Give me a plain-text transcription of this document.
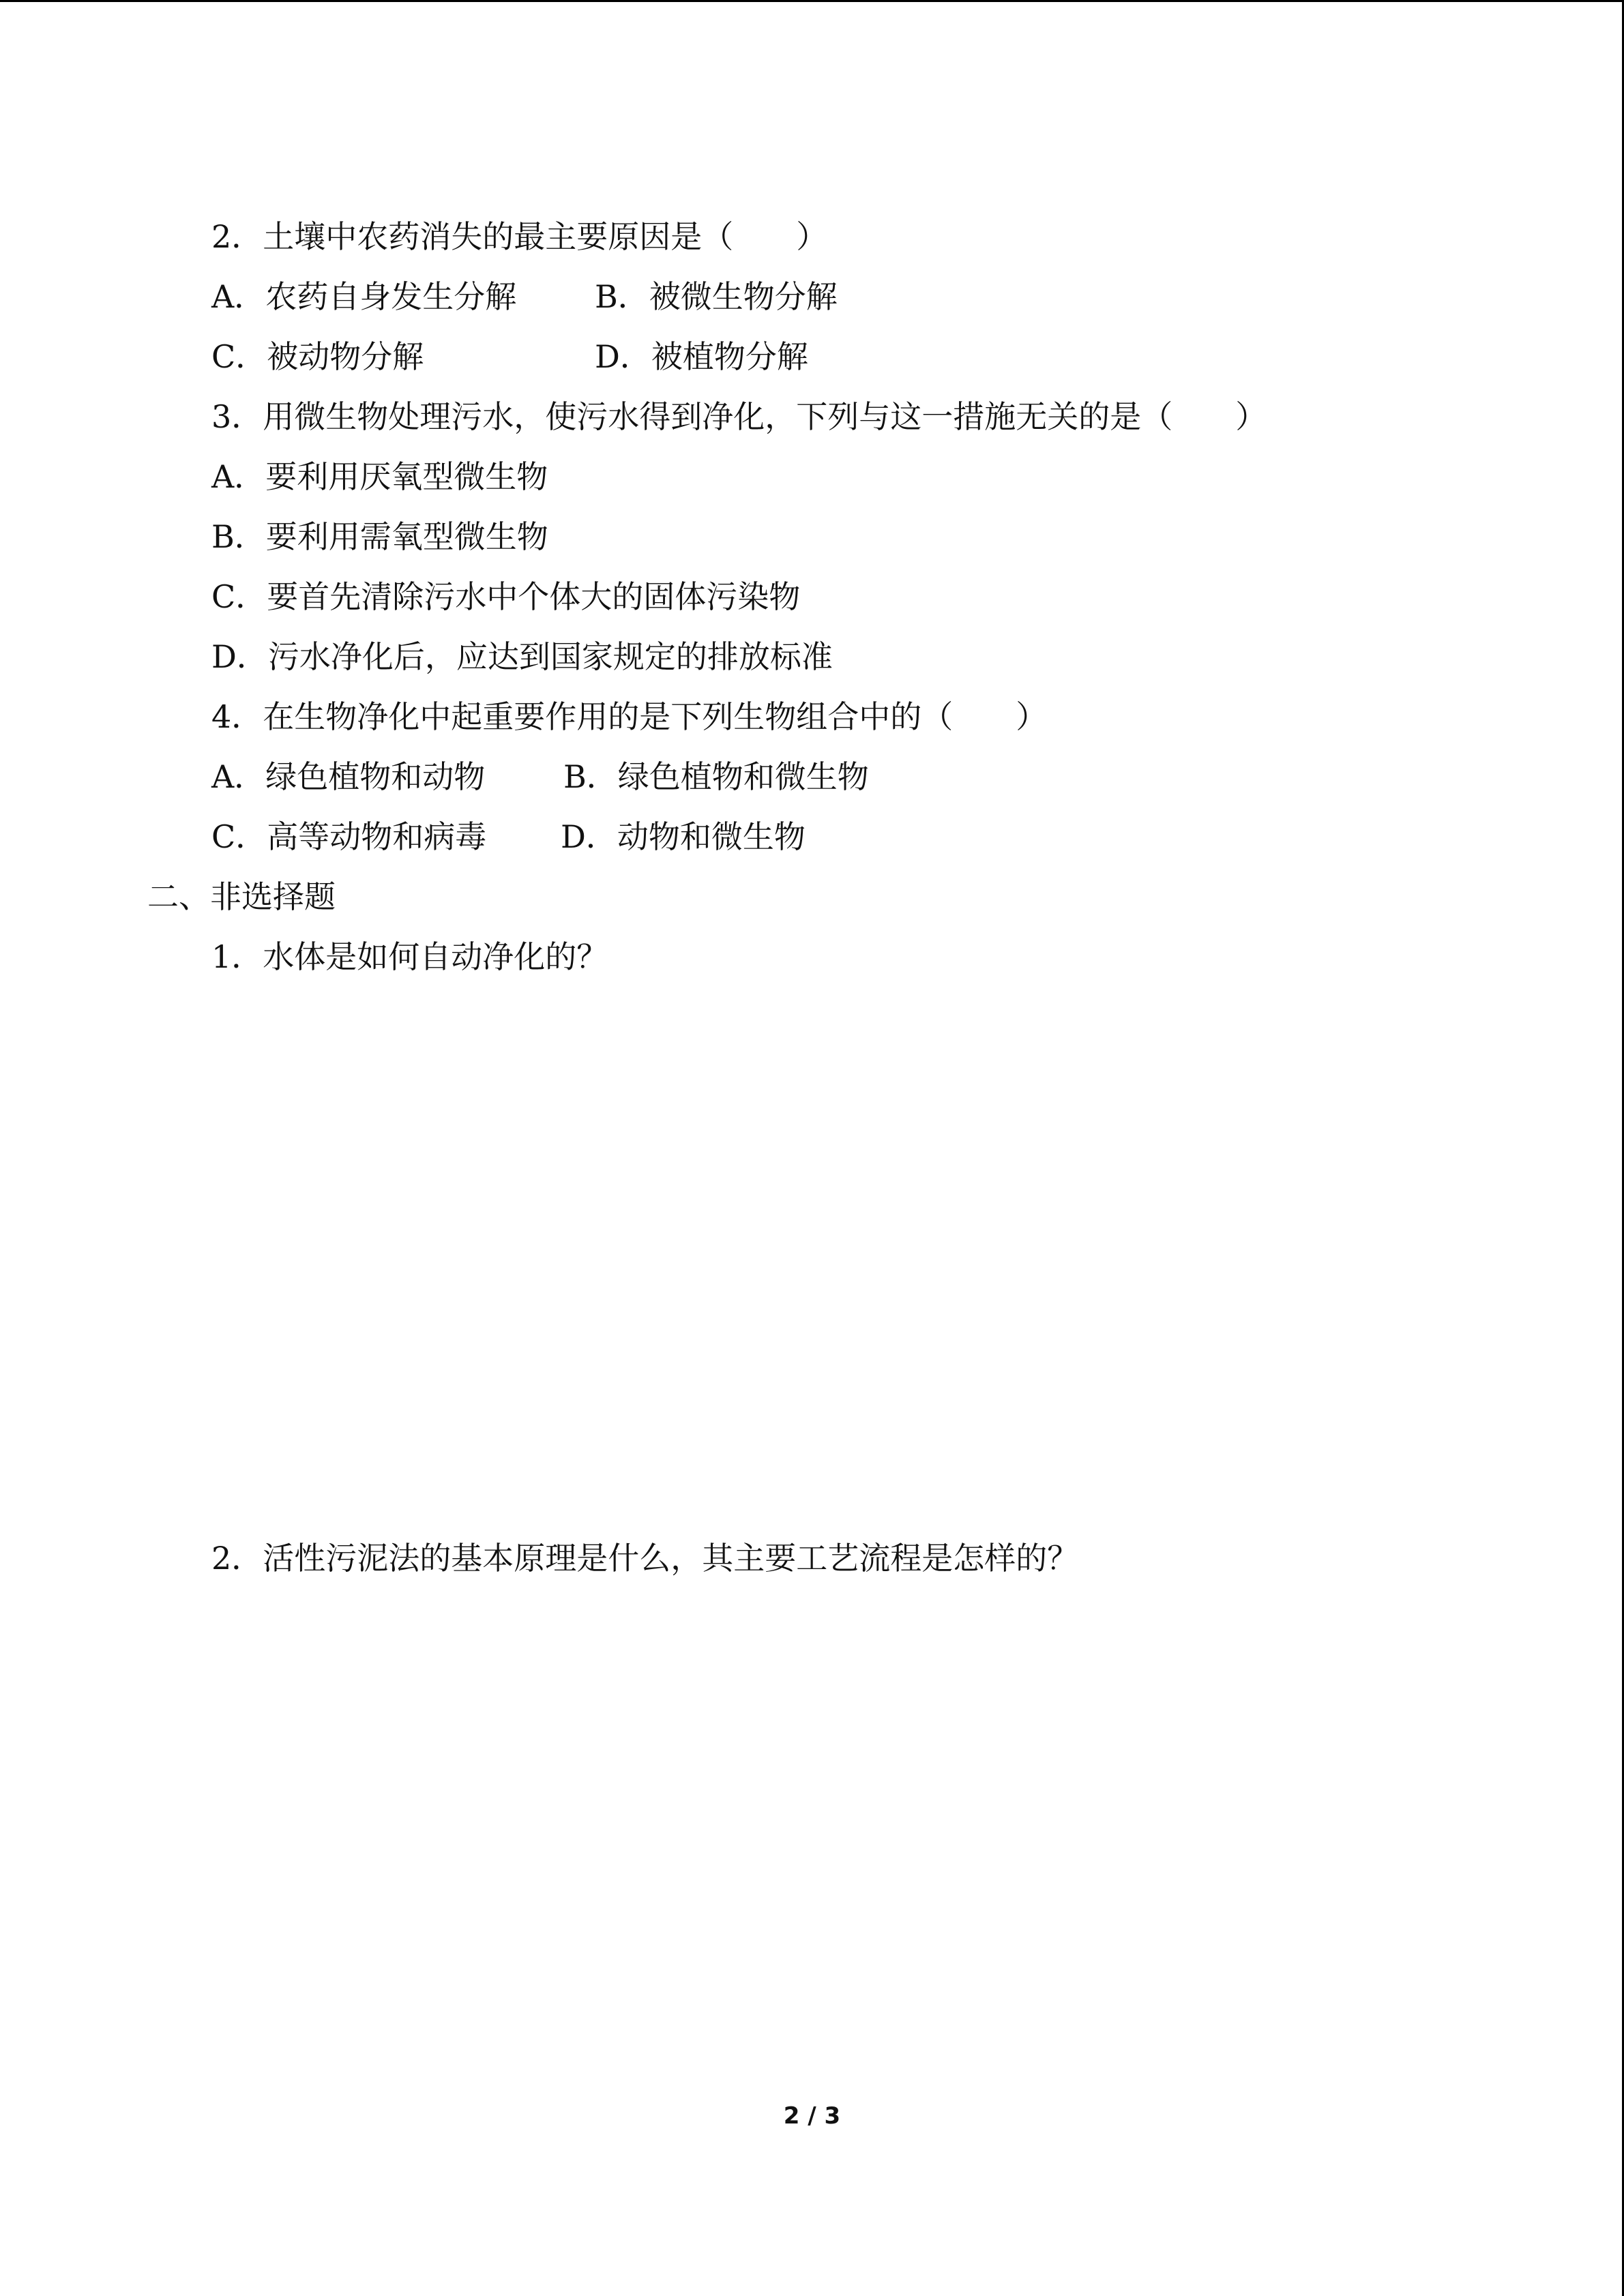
2．土壤中农药消失的最主要原因是（　　）
A．农药自身发生分解 B．被微生物分解
C．被动物分解	D．被植物分解
3．用微生物处理污水，使污水得到净化，下列与这一措施无关的是（　　）
A．要利用厌氧型微生物
B．要利用需氧型微生物
C．要首先清除污水中个体大的固体污染物
D．污水净化后，应达到国家规定的排放标准
4．在生物净化中起重要作用的是下列生物组合中的（　　）
A．绿色植物和动物 B．绿色植物和微生物
C．高等动物和病毒 D．动物和微生物
二、非选择题
1．水体是如何自动净化的？
2．活性污泥法的基本原理是什么，其主要工艺流程是怎样的？
2 / 3
